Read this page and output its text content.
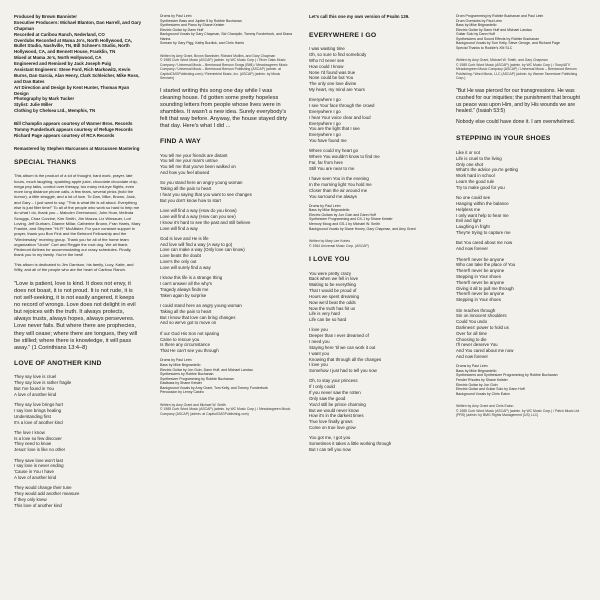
Produced by Brown Bannister
Executive Producers: Michael Blanton, Dan Harrell, and Gary Chapman
Recorded at Caribou Ranch, Nederland, CO
Overdubs Recorded at Mama Jo's, North Hollywood, CA, Bullet Studio, Nashville, TN, Bill Schnee's Studio, North Hollywood, CA, and Bennett House, Franklin, TN
Mixed at Mama Jo's, North Hollywood, CA
Engineered and Remixed by Jack Joseph Puig
Assistant Engineers: Steve Ford, Rich Markowitz, Kevin Burns, Dan Garcia, Alan Henry, Clark Schleicher, Mike Ross, and Dan Bates
Art Direction and Design by Kent Hunter, Thomas Ryan Design
Photography by Mark Tucker
Stylist: Julie Miller
Clothing by Chelsea Ltd., Memphis, TN
Bill Champlin appears courtesy of Warner Bros. Records
Tommy Funderburk appears courtesy of Refuge Records
Richard Page appears courtesy of RCA Records
Remastered by Stephen Marcussen at Marcussen Mastering
SPECIAL THANKS

This album is the product of a lot of thought, hard work, prayer, late hours, much laughing, sparkling apple juice, chocolate chocolate chip, mega pep talks, control over therapy, too many red-eye flights, even more long distance phone calls, a few tears, several pinks (hold the humor), a little struggle, and a lot of love. To Dan, Mike, Brown, Jack, and Gary – I just want to say, "This is what life is all about. Everything else is just filler time!" To all of the people who work so hard to help me do what I do, thank you – Malcolm Greenwood, John Hoar, Melinda Scruggs, Chaz Corzine, Kim Smith, Jim Mazza, Liz Winsauer, Lori Loving, Jeff Durham, Dianne Millar, Catherine Brown, Fran Harris, Mary Frankie, and Stephen "Hi-Fi" McAllister. For your constant support in prayer, thank you Bon Fink and the Belmont Fellowship and the "Wednesday" morning group. Thank you for all of the home team organization "Uncle" Curt and Reggie the rock dog. We all thank Piedmont Airlines for accommodating our crazy schedules. Finally, thank you to my family. You're the best!

This album is dedicated to Jim Garrison, his family, Lucy, Katie, and Willy, and all of the people who are the heart of Caribou Ranch.

"Love is patient, love is kind. It does not envy, it does not boast, it is not proud. It is not rude, it is not self-seeking, it is not easily angered, it keeps no record of wrongs. Love does not delight in evil but rejoices with the truth. It always protects, always trusts, always hopes, always perseveres. Love never fails. But where there are prophecies, they will cease; where there are tongues, they will be stilled; where there is knowledge, it will pass away." (1 Corinthians 13:4–8)
LOVE OF ANOTHER KIND
They say love is cruel
They say love is rather fragile
But I've found in You
A love of another kind
They say love brings hurt
I say love brings healing
Understanding first
It's a love of another kind
The love I know
Is a love so few discover
They need to know
Jesus' love is like no other
They save love won't last
I say love is never ending
'Cause in You I have
A love of another kind
They would change their tune
They would add another measure
If they only knew
This love of another kind
Drums by Paul Leim
Synthesizer Bass and Jupiter 8 by Robbie Buchanan
Synthesizers and Piano by Shane Keister
Electric Guitar by Dann Huff
Background Vocals by Gary Chapman, Sid Champlin, Tommy Funderburk, and Diana Hanna
Scream by Gary Pigg, Kathy Burdick, and Chris Harris
Written by Amy Grant, Brown Bannister, Richard Mullins, and Gary Chapman
© 1985 Curb Word Music (ASCAP) (admin. by WC Music Corp.) / River Oaks Music Company / Universal Music – Brentwood Benson Songs (BMI) / Meadowgreen Music Company / Universal Music – Brentwood Benson Publishing (ASCAP) (admin. at CapitolCMGPublishing.com) / Reeniebird Music, Inc. (ASCAP) (admin. by Music Services)
I started writing this song one day while I was cleaning house. I'd gotten some pretty hopeless sounding letters from people whose lives were in shambles. It wasn't a new idea. Surely everybody's felt that way before. Anyway, the house stayed dirty that day. Here's what I did ...
FIND A WAY
You tell me your friends are distant
You tell me your man's untrue
You tell me that you've been walked on
And how you feel abused
So you stand here an angry young woman
Taking all the pain to heart
I hear you saying that you want to see changes
But you don't know how to start
Love will find a way (How do you know)
Love will find a way (How can you see)
I know it's hard to see the past and still believe
Love will find a way
God is love and He is life
And love will find a way (A way to go)
Love can make a way (Only love can know)
Love beats the doubt
Love's the only out
Love will surely find a way
I know this life is a strange thing
I can't answer all the why's
Tragedy always finds me
Taken again by surprise
I could stand here an angry young woman
Taking all the pain to heart
But I know that love can bring changes
And so we've got to move on
If our God His Son not sparing
Came to rescue you
Is there any circumstance
That He can't see you through
Drums by Paul Leim
Bass by Mike Brignardello
Electric Guitar by Jon Goin, Dann Huff, and Michael Landau
Synthesizers by Robbie Buchanan
Synthesizer Programming by Robbie Buchanan
Eastbass by Shane Keister
Background Vocals by Amy Grant, Tom Kelly, and Tommy Funderburk
Percussion by Lenny Castro
Written by Amy Grant and Michael W. Smith
© 1985 Curb Word Music (ASCAP) (admin. by WC Music Corp.) / Meadowgreen Music Company (ASCAP) (admin. at CapitolCMGPublishing.com)
Let's call this one my own version of Psalm 139.
EVERYWHERE I GO
I was wasting time
Oh, so sure to find somebody
Who I'd never see
How could I know
None I'd found was true
None could be but You
The only one love divine
My heart, my mind are Yours
Everywhere I go
I see Your face through the crowd
Everywhere I go
I hear Your voice clear and loud
Everywhere I go
You are the light that I see
Everywhere I go
You have found me
Where could my heart go
Where You wouldn't know to find me
Far, far from here
Still You are near to me
I have seen You in the evening
In the morning light You hold me
Closer than the air around me
You surround me always
Drums by Paul Leim
Bass by Mike Brignardello
Electric Guitars by Jon Goin and Dann Huff
Synthesizer Programming and DX-1 by Shane Keister
Memory Moog and GS-1 by Michael W. Smith
Background Vocals by Diane Honey, Gary Chapman, and Amy Grant
Written by Mary Lee Kortes
© 1984 Universal Music Corp. (ASCAP)
I LOVE YOU
You were pretty crazy
Back when we fell in love
Waiting to be everything
That I would be proud of
Hours we spent dreaming
Now we'd beat the odds
Now the truth has hit us
Life is very hard
Life can be so hard
I love you
Deeper than I ever dreamed of
I need you
Staying here 'til we can work it out
I want you
Knowing that through all the changes
I love you
Somehow I just had to tell you now
Oh, to stay your princess
If I only could
If you never saw the rotten
Only saw the good
You'd still be prince charming
But we would never know
How it's in the darkest times
True love finally grows
Come on true love grow
You got me, I got you
Sometimes it takes a little working through
But I can tell you now
Drum Programming by Robbie Buchanan and Paul Leim
Drum Overdubs by Paul Leim
Bass by Mike Brignardello
Electric Guitar by Dann Huff and Michael Landau
Guitar Solo by Dann Huff
Synthesizers and Sound Effects by Robbie Buchanan
Background Vocals by Tom Kelly, Steve George, and Richard Page
Special Thanks to Roddie's XM SLC
Written by Amy Grant, Michael W. Smith, and Gary Chapman
© 1985 Curb Word Music (ASCAP) (admin. by WC Music Corp.) / Sony/ATV Meadowgreen Music Company (ASCAP) / Universal Music – Brentwood Benson Publishing / Word Music, LLC (ASCAP) (admin. by Warner Tamerlane Publishing Corp.)
"But He was pierced for our transgressions. He was crushed for our iniquities; the punishment that brought us peace was upon Him, and by His wounds we are healed." (Isaiah 53:5)
Nobody else could have done it. I am overwhelmed.
STEPPING IN YOUR SHOES
Like it or not
Life is cruel to the living
Only one shot
What's the advice you're getting
Work hard in school
Learn the good rule
Try to make good for you
No one could see
Hanging within the balance
Helpless me
I only want help to hear me
Evil and light
Laughing in fright
They're trying to capture me
But You cared about me now
And now forever
There'll never be anyone
Who can take the place of You
There'll never be anyone
Stepping in Your shoes
There'll never be anyone
Giving it all to pull me through
There'll never be anyone
Stepping in Your shoes
Sin reaches through
Sin on innocent shoulders
Could You undo
Darkness' power to hold us
Over for all time
Choosing to die
I'll never deserve You
And You cared about me now
And now forever
Drums by Paul Leim
Bass by Mike Brignardello
Synthesizers and Synthesizer Programming by Robbie Buchanan
Fender Rhodes by Shane Keister
Electric Guitar by Jon Goin
Electric Guitar and Guitar Solo by Dann Huff
Background Vocals by Chris Eaton
Written by Amy Grant and Chris Eaton
© 1985 Curb Word Music (ASCAP) (admin. by WC Music Corp.) / Patch Music Ltd (PRS) (admin. by BMG Rights Management (US) LLC)
